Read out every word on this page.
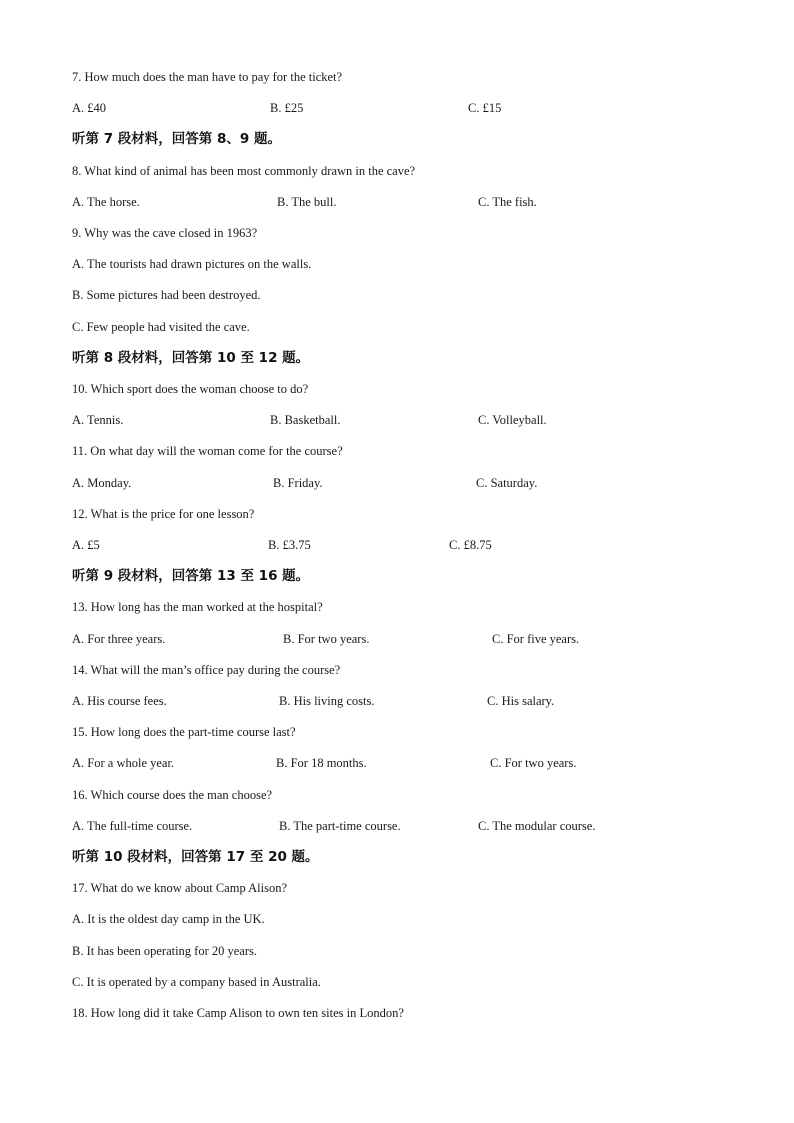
7. How much does the man have to pay for the ticket?
A. £40	B. £25	C. £15
听第 7 段材料，回答第 8、9 题。
8. What kind of animal has been most commonly drawn in the cave?
A. The horse.	B. The bull.	C. The fish.
9. Why was the cave closed in 1963?
A. The tourists had drawn pictures on the walls.
B. Some pictures had been destroyed.
C. Few people had visited the cave.
听第 8 段材料，回答第 10 至 12 题。
10. Which sport does the woman choose to do?
A. Tennis.	B. Basketball.	C. Volleyball.
11. On what day will the woman come for the course?
A. Monday.	B. Friday.	C. Saturday.
12. What is the price for one lesson?
A. £5	B. £3.75	C. £8.75
听第 9 段材料，回答第 13 至 16 题。
13. How long has the man worked at the hospital?
A. For three years.	B. For two years.	C. For five years.
14. What will the man’s office pay during the course?
A. His course fees.	B. His living costs.	C. His salary.
15. How long does the part-time course last?
A. For a whole year.	B. For 18 months.	C. For two years.
16. Which course does the man choose?
A. The full-time course.	B. The part-time course.	C. The modular course.
听第 10 段材料，回答第 17 至 20 题。
17. What do we know about Camp Alison?
A. It is the oldest day camp in the UK.
B. It has been operating for 20 years.
C. It is operated by a company based in Australia.
18. How long did it take Camp Alison to own ten sites in London?
